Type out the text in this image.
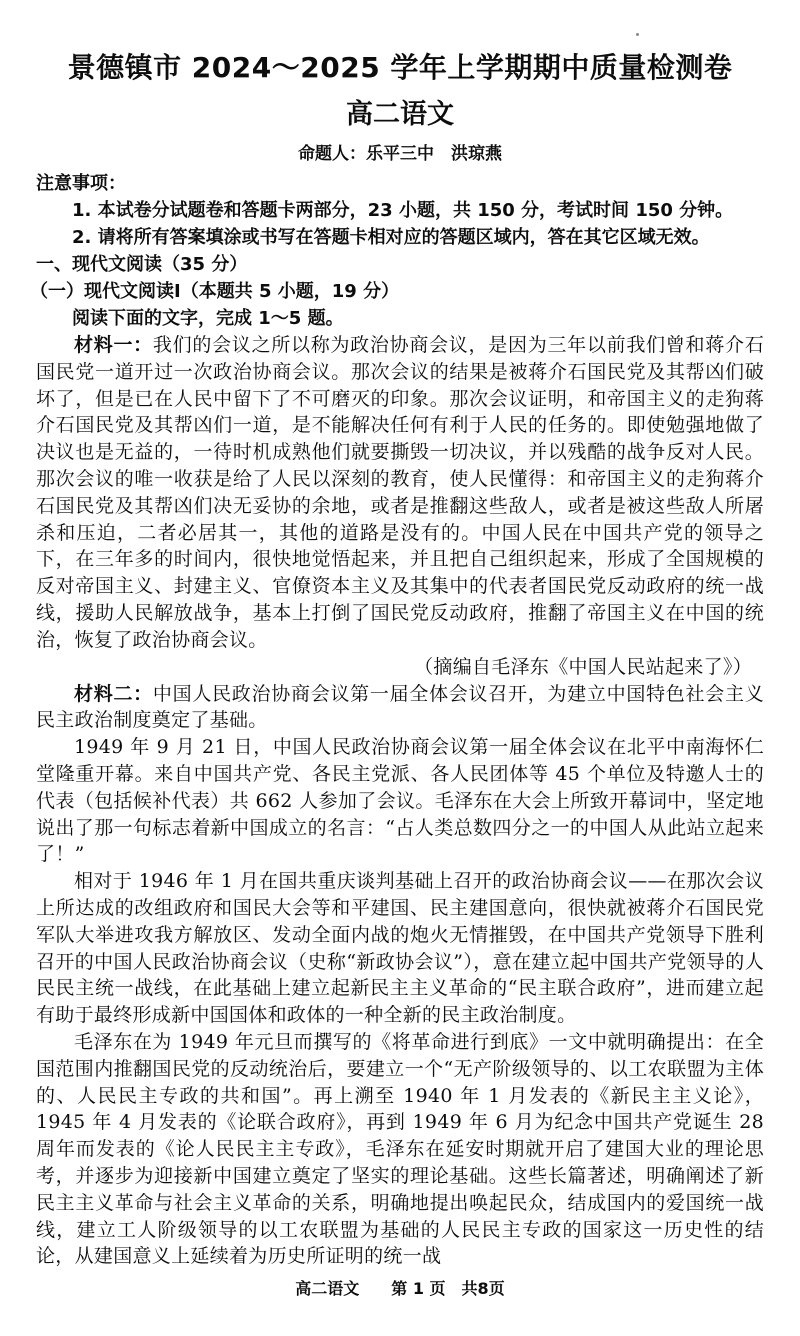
景德镇市 2024～2025 学年上学期期中质量检测卷
高二语文
命题人：乐平三中　洪琼燕
注意事项：
1. 本试卷分试题卷和答题卡两部分，23 小题，共 150 分，考试时间 150 分钟。
2. 请将所有答案填涂或书写在答题卡相对应的答题区域内，答在其它区域无效。
一、现代文阅读（35 分）
（一）现代文阅读Ⅰ（本题共 5 小题，19 分）
阅读下面的文字，完成 1～5 题。

材料一：我们的会议之所以称为政治协商会议，是因为三年以前我们曾和蒋介石国民党一道开过一次政治协商会议。那次会议的结果是被蒋介石国民党及其帮凶们破坏了，但是已在人民中留下了不可磨灭的印象。那次会议证明，和帝国主义的走狗蒋介石国民党及其帮凶们一道，是不能解决任何有利于人民的任务的。即使勉强地做了决议也是无益的，一待时机成熟他们就要撕毁一切决议，并以残酷的战争反对人民。那次会议的唯一收获是给了人民以深刻的教育，使人民懂得：和帝国主义的走狗蒋介石国民党及其帮凶们决无妥协的余地，或者是推翻这些敌人，或者是被这些敌人所屠杀和压迫，二者必居其一，其他的道路是没有的。中国人民在中国共产党的领导之下，在三年多的时间内，很快地觉悟起来，并且把自己组织起来，形成了全国规模的反对帝国主义、封建主义、官僚资本主义及其集中的代表者国民党反动政府的统一战线，援助人民解放战争，基本上打倒了国民党反动政府，推翻了帝国主义在中国的统治，恢复了政治协商会议。

（摘编自毛泽东《中国人民站起来了》）

材料二：中国人民政治协商会议第一届全体会议召开，为建立中国特色社会主义民主政治制度奠定了基础。

1949 年 9 月 21 日，中国人民政治协商会议第一届全体会议在北平中南海怀仁堂隆重开幕。来自中国共产党、各民主党派、各人民团体等 45 个单位及特邀人士的代表（包括候补代表）共 662 人参加了会议。毛泽东在大会上所致开幕词中，坚定地说出了那一句标志着新中国成立的名言：“占人类总数四分之一的中国人从此站立起来了！”

相对于 1946 年 1 月在国共重庆谈判基础上召开的政治协商会议——在那次会议上所达成的改组政府和国民大会等和平建国、民主建国意向，很快就被蒋介石国民党军队大举进攻我方解放区、发动全面内战的炮火无情摧毁，在中国共产党领导下胜利召开的中国人民政治协商会议（史称“新政协会议”），意在建立起中国共产党领导的人民民主统一战线，在此基础上建立起新民主主义革命的“民主联合政府”，进而建立起有助于最终形成新中国国体和政体的一种全新的民主政治制度。

毛泽东在为 1949 年元旦而撰写的《将革命进行到底》一文中就明确提出：在全国范围内推翻国民党的反动统治后，要建立一个“无产阶级领导的、以工农联盟为主体的、人民民主专政的共和国”。再上溯至 1940 年 1 月发表的《新民主主义论》，1945 年 4 月发表的《论联合政府》，再到 1949 年 6 月为纪念中国共产党诞生 28 周年而发表的《论人民民主主专政》，毛泽东在延安时期就开启了建国大业的理论思考，并逐步为迎接新中国建立奠定了坚实的理论基础。这些长篇著述，明确阐述了新民主主义革命与社会主义革命的关系，明确地提出唤起民众，结成国内的爱国统一战线，建立工人阶级领导的以工农联盟为基础的人民民主专政的国家这一历史性的结论，从建国意义上延续着为历史所证明的统一战

高二语文　　第 1 页　共8页
